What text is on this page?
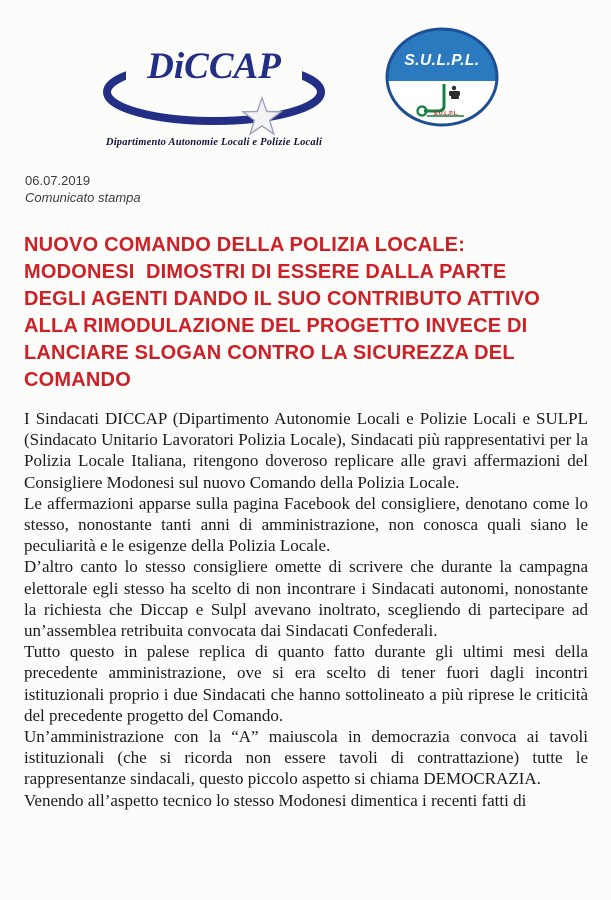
DiCCAP
Dipartimento Autonomie Locali e Polizie Locali
S.U.L.P.L.
S.U.L.P.L.
06.07.2019
Comunicato stampa
NUOVO COMANDO DELLA POLIZIA LOCALE:
MODONESI  DIMOSTRI DI ESSERE DALLA PARTE
DEGLI AGENTI DANDO IL SUO CONTRIBUTO ATTIVO
ALLA RIMODULAZIONE DEL PROGETTO INVECE DI
LANCIARE SLOGAN CONTRO LA SICUREZZA DEL
COMANDO

I Sindacati DICCAP (Dipartimento Autonomie Locali e Polizie Locali e SULPL (Sindacato Unitario Lavoratori Polizia Locale), Sindacati più rappresentativi per la Polizia Locale Italiana, ritengono doveroso replicare alle gravi affermazioni del Consigliere Modonesi sul nuovo Comando della Polizia Locale.

Le affermazioni apparse sulla pagina Facebook del consigliere, denotano come lo stesso, nonostante tanti anni di amministrazione, non conosca quali siano le peculiarità e le esigenze della Polizia Locale.

D’altro canto lo stesso consigliere omette di scrivere che durante la campagna elettorale egli stesso ha scelto di non incontrare i Sindacati autonomi, nonostante la richiesta che Diccap e Sulpl avevano inoltrato, scegliendo di partecipare ad un’assemblea retribuita convocata dai Sindacati Confederali.

Tutto questo in palese replica di quanto fatto durante gli ultimi mesi della precedente amministrazione, ove si era scelto di tener fuori dagli incontri istituzionali proprio i due Sindacati che hanno sottolineato a più riprese le criticità del precedente progetto del Comando.

Un’amministrazione con la “A” maiuscola in democrazia convoca ai tavoli istituzionali (che si ricorda non essere tavoli di contrattazione) tutte le rappresentanze sindacali, questo piccolo aspetto si chiama DEMOCRAZIA.

Venendo all’aspetto tecnico lo stesso Modonesi dimentica i recenti fatti di
